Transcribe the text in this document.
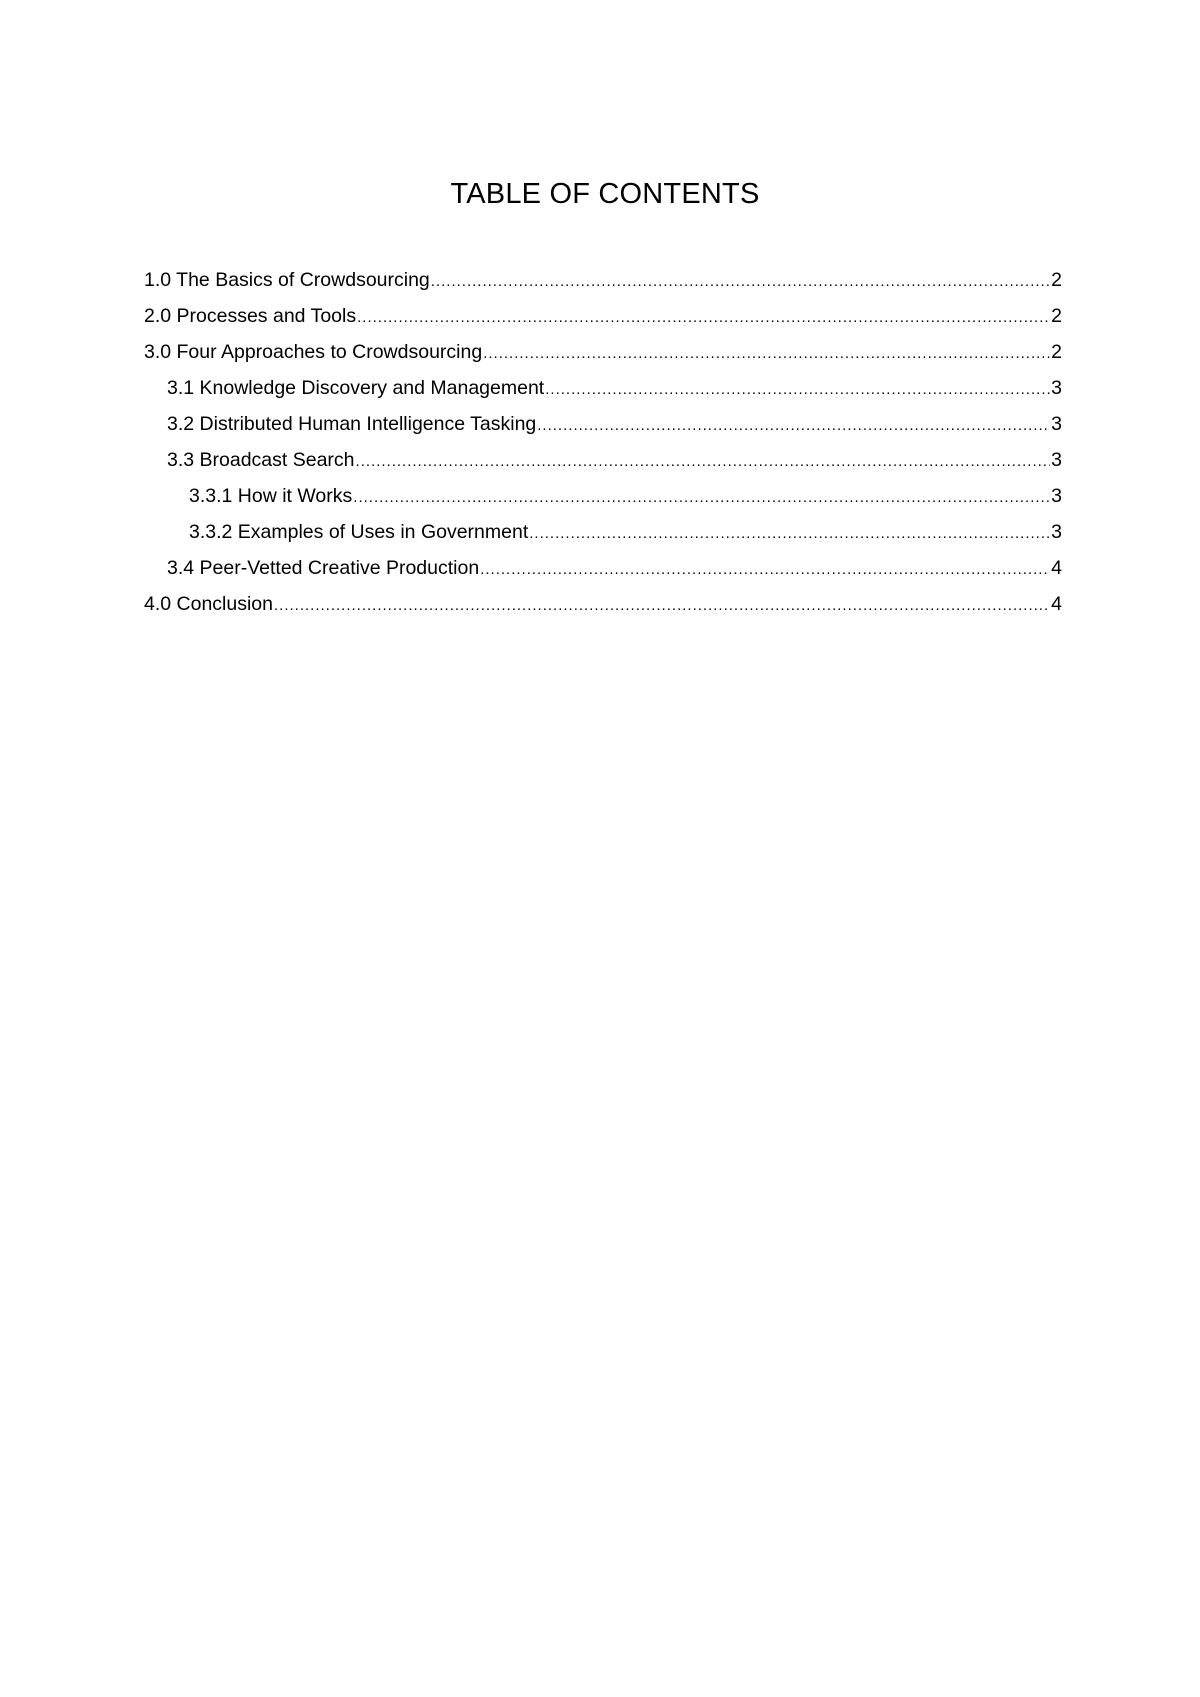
TABLE OF CONTENTS
1.0 The Basics of Crowdsourcing .....	2
2.0 Processes and Tools .....	2
3.0 Four Approaches to Crowdsourcing .....	2
3.1 Knowledge Discovery and Management .....	3
3.2 Distributed Human Intelligence Tasking .....	3
3.3 Broadcast Search .....	3
3.3.1 How it Works .....	3
3.3.2 Examples of Uses in Government .....	3
3.4 Peer-Vetted Creative Production .....	4
4.0 Conclusion .....	4
